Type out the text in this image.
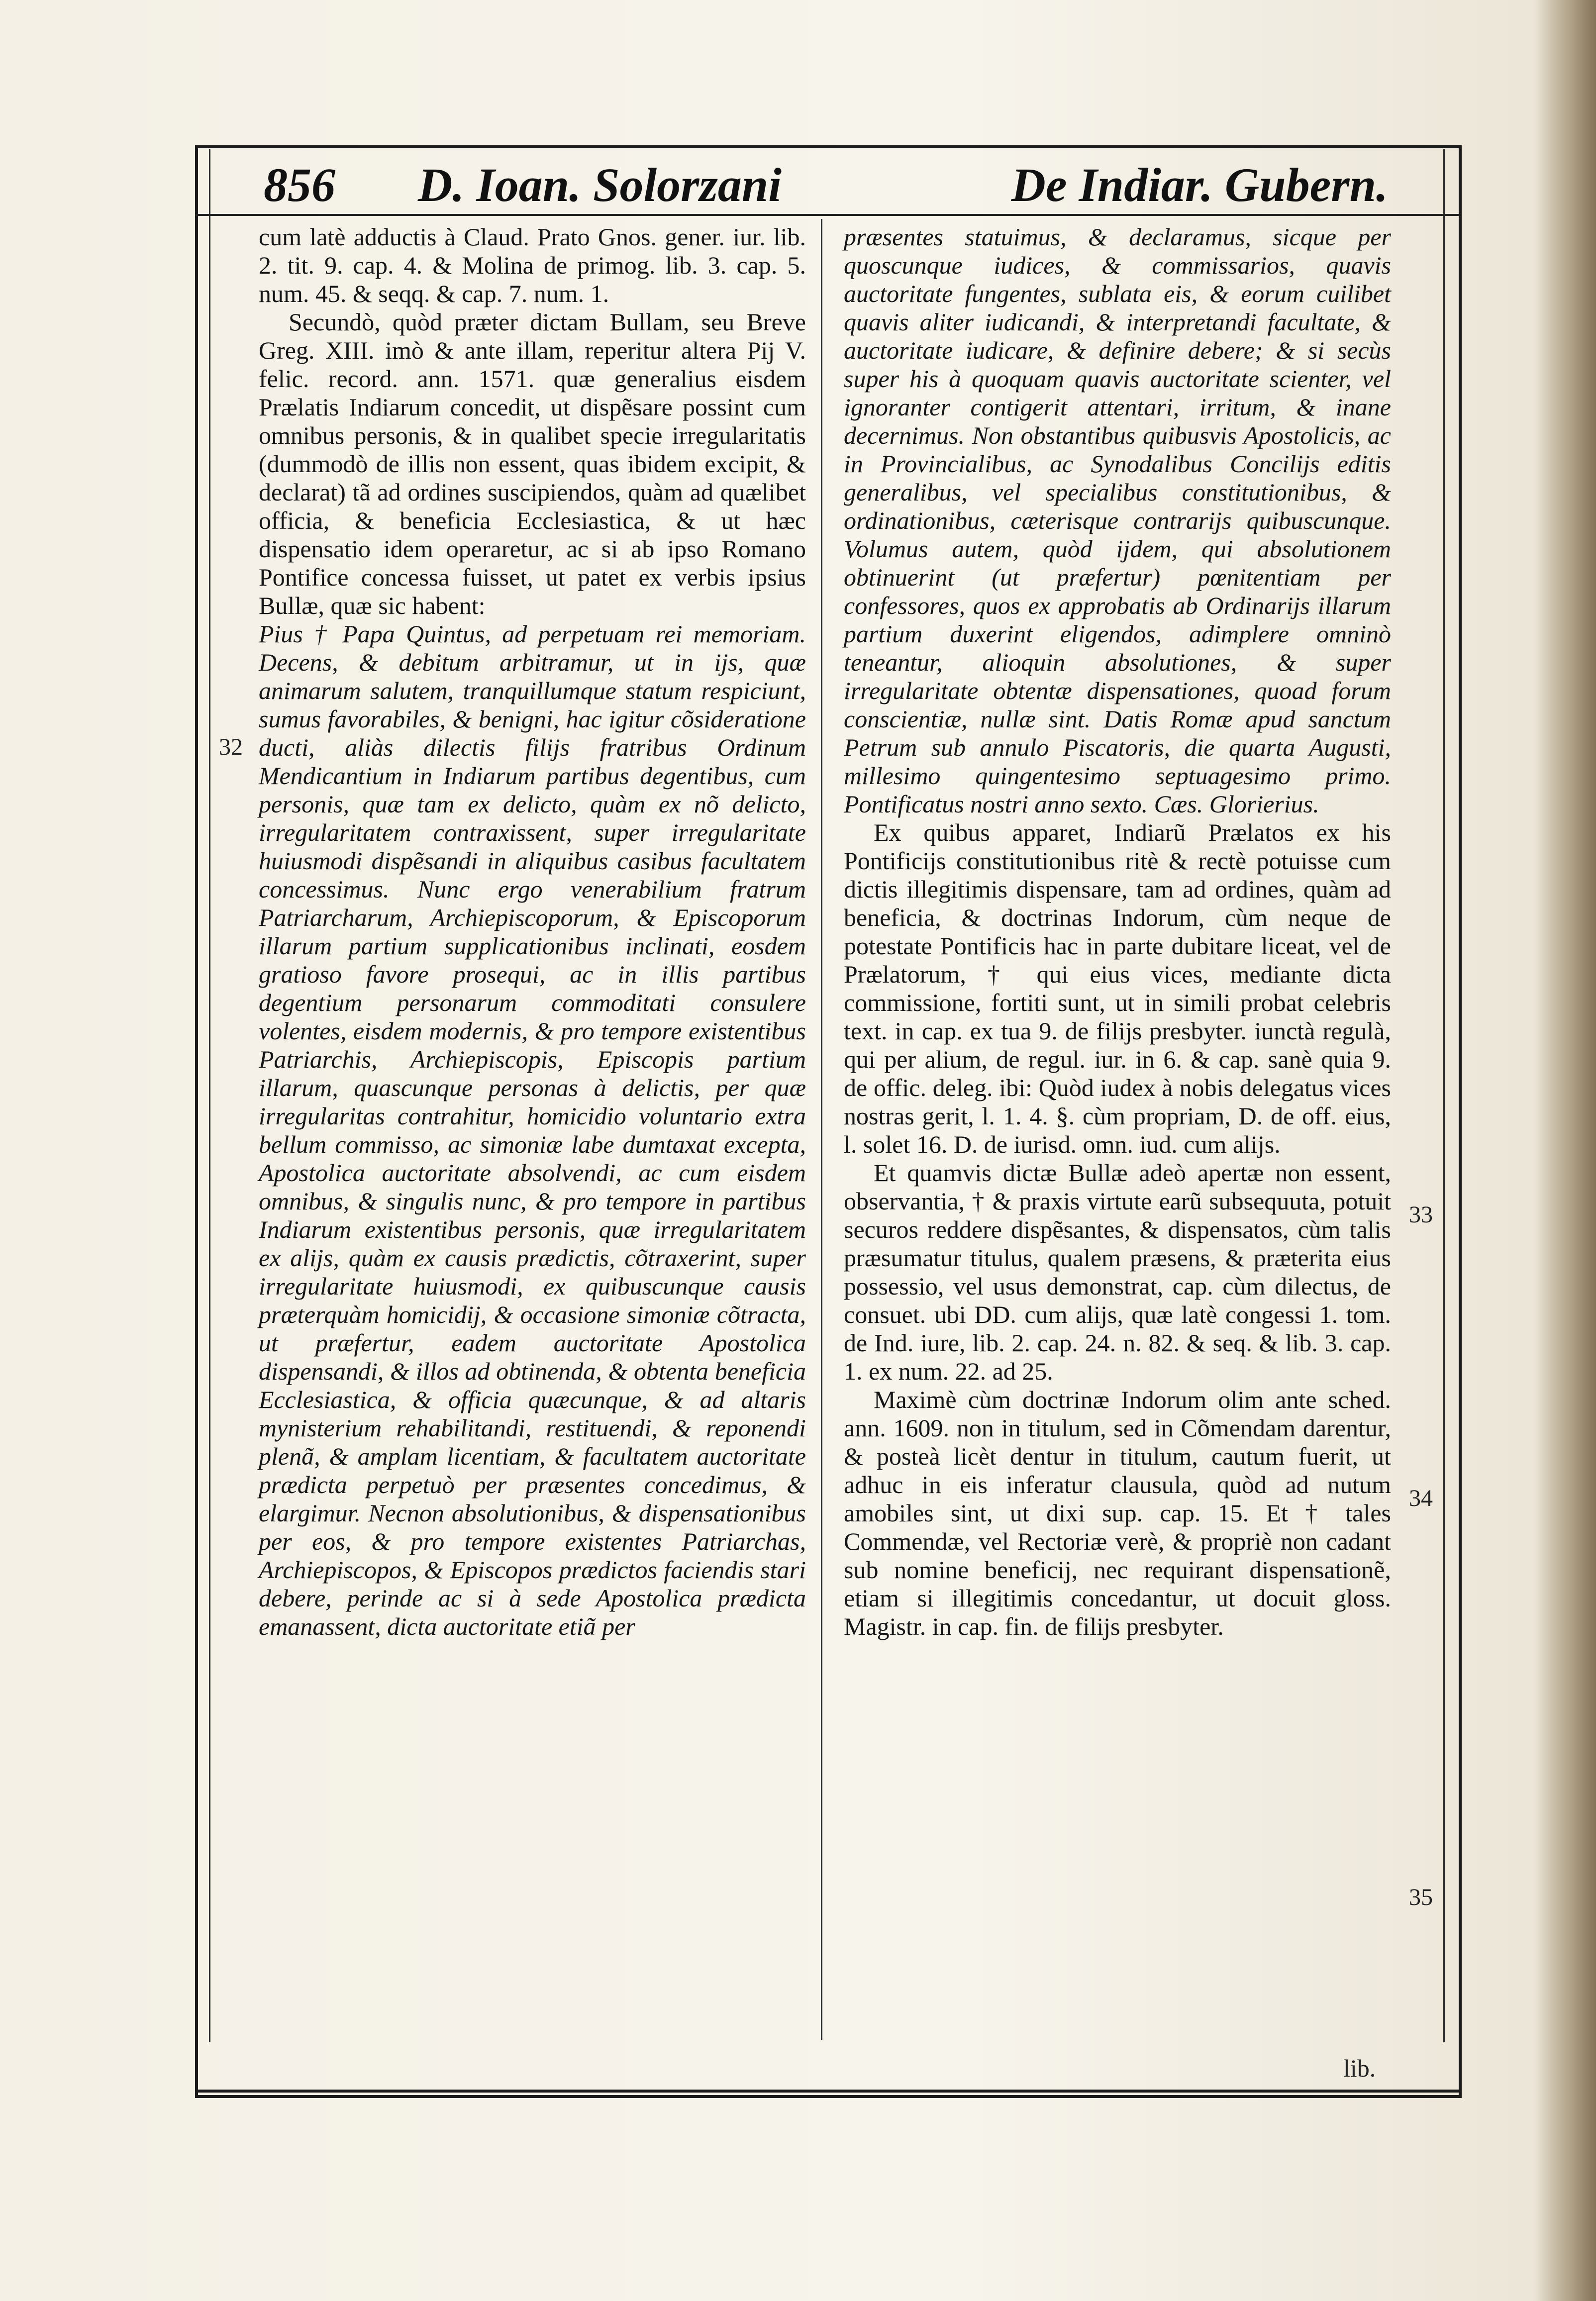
856 D. Ioan. Solorzani	De Indiar. Gubern.

cum latè adductis à Claud. Prato Gnos. gener. iur. lib. 2. tit. 9. cap. 4. & Molina de primog. lib. 3. cap. 5. num. 45. & seqq. & cap. 7. num. 1.

Secundò, quòd præter dictam Bullam, seu Breve Greg. XIII. imò & ante illam, reperitur altera Pij V. felic. record. ann. 1571. quæ generalius eisdem Prælatis Indiarum concedit, ut dispẽsare possint cum omnibus personis, & in qualibet specie irregularitatis (dummodò de illis non essent, quas ibidem excipit, & declarat) tã ad ordines suscipiendos, quàm ad quælibet officia, & beneficia Ecclesiastica, & ut hæc dispensatio idem operaretur, ac si ab ipso Romano Pontifice concessa fuisset, ut patet ex verbis ipsius Bullæ, quæ sic habent:

Pius † Papa Quintus, ad perpetuam rei memoriam. Decens, & debitum arbitramur, ut in ijs, quæ animarum salutem, tranquillumque statum respiciunt, sumus favorabiles, & benigni, hac igitur cõsideratione ducti, aliàs dilectis filijs fratribus Ordinum Mendicantium in Indiarum partibus degentibus, cum personis, quæ tam ex delicto, quàm ex nõ delicto, irregularitatem contraxissent, super irregularitate huiusmodi dispẽsandi in aliquibus casibus facultatem concessimus. Nunc ergo venerabilium fratrum Patriarcharum, Archiepiscoporum, & Episcoporum illarum partium supplicationibus inclinati, eosdem gratioso favore prosequi, ac in illis partibus degentium personarum commoditati consulere volentes, eisdem modernis, & pro tempore existentibus Patriarchis, Archiepiscopis, Episcopis partium illarum, quascunque personas à delictis, per quæ irregularitas contrahitur, homicidio voluntario extra bellum commisso, ac simoniæ labe dumtaxat excepta, Apostolica auctoritate absolvendi, ac cum eisdem omnibus, & singulis nunc, & pro tempore in partibus Indiarum existentibus personis, quæ irregularitatem ex alijs, quàm ex causis prædictis, cõtraxerint, super irregularitate huiusmodi, ex quibuscunque causis præterquàm homicidij, & occasione simoniæ cõtracta, ut præfertur, eadem auctoritate Apostolica dispensandi, & illos ad obtinenda, & obtenta beneficia Ecclesiastica, & officia quæcunque, & ad altaris mynisterium rehabilitandi, restituendi, & reponendi plenã, & amplam licentiam, & facultatem auctoritate prædicta perpetuò per præsentes concedimus, & elargimur. Necnon absolutionibus, & dispensationibus per eos, & pro tempore existentes Patriarchas, Archiepiscopos, & Episcopos prædictos faciendis stari debere, perinde ac si à sede Apostolica prædicta emanassent, dicta auctoritate etiã per

præsentes statuimus, & declaramus, sicque per quoscunque iudices, & commissarios, quavis auctoritate fungentes, sublata eis, & eorum cuilibet quavis aliter iudicandi, & interpretandi facultate, & auctoritate iudicare, & definire debere; & si secùs super his à quoquam quavis auctoritate scienter, vel ignoranter contigerit attentari, irritum, & inane decernimus. Non obstantibus quibusvis Apostolicis, ac in Provincialibus, ac Synodalibus Concilijs editis generalibus, vel specialibus constitutionibus, & ordinationibus, cæterisque contrarijs quibuscunque. Volumus autem, quòd ijdem, qui absolutionem obtinuerint (ut præfertur) pœnitentiam per confessores, quos ex approbatis ab Ordinarijs illarum partium duxerint eligendos, adimplere omninò teneantur, alioquin absolutiones, & super irregularitate obtentæ dispensationes, quoad forum conscientiæ, nullæ sint. Datis Romæ apud sanctum Petrum sub annulo Piscatoris, die quarta Augusti, millesimo quingentesimo septuagesimo primo. Pontificatus nostri anno sexto. Cæs. Glorierius.

Ex quibus apparet, Indiarũ Prælatos ex his Pontificijs constitutionibus ritè & rectè potuisse cum dictis illegitimis dispensare, tam ad ordines, quàm ad beneficia, & doctrinas Indorum, cùm neque de potestate Pontificis hac in parte dubitare liceat, vel de Prælatorum, † qui eius vices, mediante dicta commissione, fortiti sunt, ut in simili probat celebris text. in cap. ex tua 9. de filijs presbyter. iunctà regulà, qui per alium, de regul. iur. in 6. & cap. sanè quia 9. de offic. deleg. ibi: Quòd iudex à nobis delegatus vices nostras gerit, l. 1. 4. §. cùm propriam, D. de off. eius, l. solet 16. D. de iurisd. omn. iud. cum alijs.

Et quamvis dictæ Bullæ adeò apertæ non essent, observantia, † & praxis virtute earũ subsequuta, potuit securos reddere dispẽsantes, & dispensatos, cùm talis præsumatur titulus, qualem præsens, & præterita eius possessio, vel usus demonstrat, cap. cùm dilectus, de consuet. ubi DD. cum alijs, quæ latè congessi 1. tom. de Ind. iure, lib. 2. cap. 24. n. 82. & seq. & lib. 3. cap. 1. ex num. 22. ad 25.

Maximè cùm doctrinæ Indorum olim ante sched. ann. 1609. non in titulum, sed in Cõmendam darentur, & posteà licèt dentur in titulum, cautum fuerit, ut adhuc in eis inferatur clausula, quòd ad nutum amobiles sint, ut dixi sup. cap. 15. Et † tales Commendæ, vel Rectoriæ verè, & propriè non cadant sub nomine beneficij, nec requirant dispensationẽ, etiam si illegitimis concedantur, ut docuit gloss. Magistr. in cap. fin. de filijs presbyter.

32
33
34
35
lib.
